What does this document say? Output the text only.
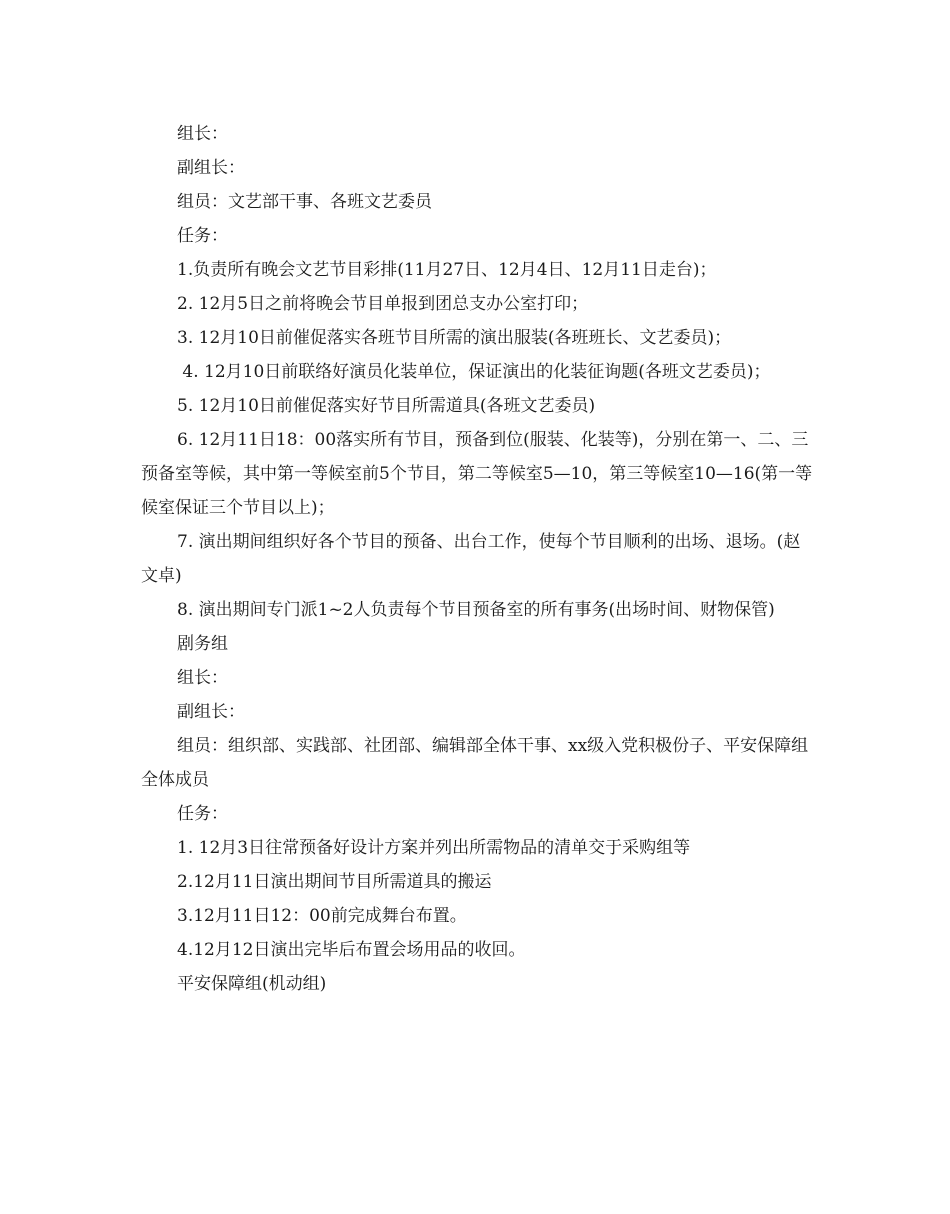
组长：

副组长：

组员：文艺部干事、各班文艺委员

任务：

1.负责所有晚会文艺节目彩排(11月27日、12月4日、12月11日走台)；

2. 12月5日之前将晚会节目单报到团总支办公室打印；

3. 12月10日前催促落实各班节目所需的演出服装(各班班长、文艺委员)；

4. 12月10日前联络好演员化装单位，保证演出的化装征询题(各班文艺委员)；

5. 12月10日前催促落实好节目所需道具(各班文艺委员)

6. 12月11日18：00落实所有节目，预备到位(服装、化装等)，分别在第一、二、三预备室等候，其中第一等候室前5个节目，第二等候室5—10，第三等候室10—16(第一等候室保证三个节目以上)；

7. 演出期间组织好各个节目的预备、出台工作，使每个节目顺利的出场、退场。(赵文卓)

8. 演出期间专门派1~2人负责每个节目预备室的所有事务(出场时间、财物保管)

剧务组

组长：

副组长：

组员：组织部、实践部、社团部、编辑部全体干事、xx级入党积极份子、平安保障组全体成员

任务：

1. 12月3日往常预备好设计方案并列出所需物品的清单交于采购组等

2.12月11日演出期间节目所需道具的搬运

3.12月11日12：00前完成舞台布置。

4.12月12日演出完毕后布置会场用品的收回。

平安保障组(机动组)
